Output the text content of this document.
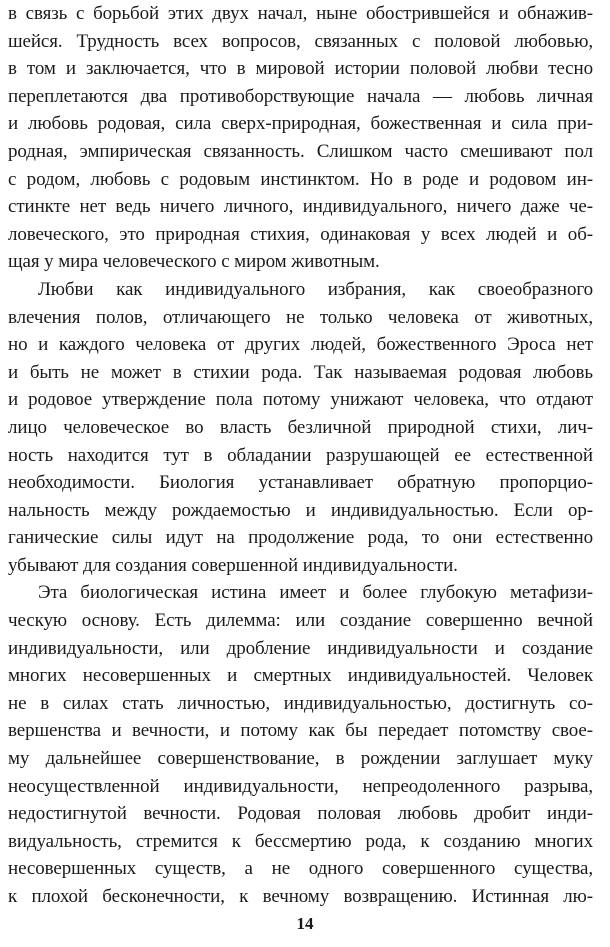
в связь с борьбой этих двух начал, ныне обострившейся и обнажив-
шейся. Трудность всех вопросов, связанных с половой любовью,
в том и заключается, что в мировой истории половой любви тесно
переплетаются два противоборствующие начала — любовь личная
и любовь родовая, сила сверх-природная, божественная и сила при-
родная, эмпирическая связанность. Слишком часто смешивают пол
с родом, любовь с родовым инстинктом. Но в роде и родовом ин-
стинкте нет ведь ничего личного, индивидуального, ничего даже че-
ловеческого, это природная стихия, одинаковая у всех людей и об-
щая у мира человеческого с миром животным.
Любви как индивидуального избрания, как своеобразного
влечения полов, отличающего не только человека от животных,
но и каждого человека от других людей, божественного Эроса нет
и быть не может в стихии рода. Так называемая родовая любовь
и родовое утверждение пола потому унижают человека, что отдают
лицо человеческое во власть безличной природной стихи, лич-
ность находится тут в обладании разрушающей ее естественной
необходимости. Биология устанавливает обратную пропорцио-
нальность между рождаемостью и индивидуальностью. Если ор-
ганические силы идут на продолжение рода, то они естественно
убывают для создания совершенной индивидуальности.
Эта биологическая истина имеет и более глубокую метафизи-
ческую основу. Есть дилемма: или создание совершенно вечной
индивидуальности, или дробление индивидуальности и создание
многих несовершенных и смертных индивидуальностей. Человек
не в силах стать личностью, индивидуальностью, достигнуть со-
вершенства и вечности, и потому как бы передает потомству свое-
му дальнейшее совершенствование, в рождении заглушает муку
неосуществленной индивидуальности, непреодоленного разрыва,
недостигнутой вечности. Родовая половая любовь дробит инди-
видуальность, стремится к бессмертию рода, к созданию многих
несовершенных существ, а не одного совершенного существа,
к плохой бесконечности, к вечному возвращению. Истинная лю-
14
